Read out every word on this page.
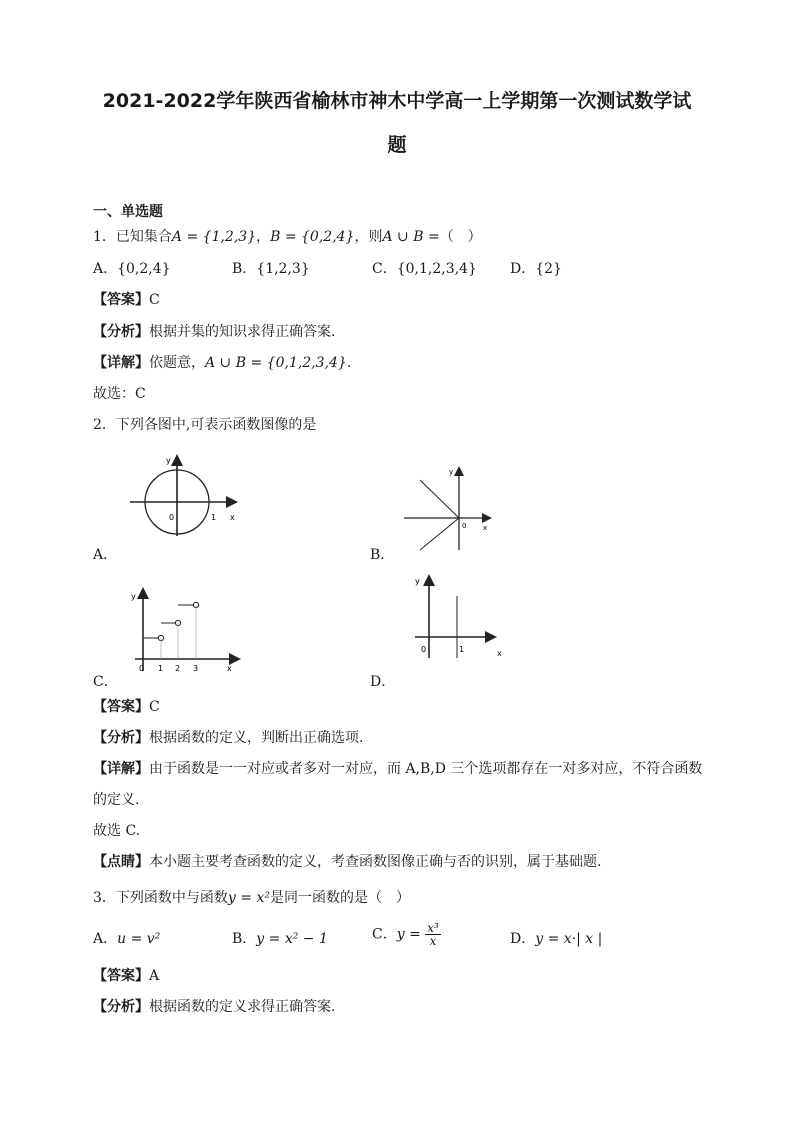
2021-2022学年陕西省榆林市神木中学高一上学期第一次测试数学试
题
一、单选题
1．已知集合A = {1,2,3}，B = {0,2,4}，则A ∪ B =（　）
A．{0,2,4}	B．{1,2,3}	C．{0,1,2,3,4} D．{2}
【答案】C
【分析】根据并集的知识求得正确答案.
【详解】依题意，A ∪ B = {0,1,2,3,4}.
故选：C
2．下列各图中,可表示函数图像的是
0	1 x
y
A．
0 x
y
B．
0 1 2 3	x
y
C．
0	1	x
y
D．
【答案】C
【分析】根据函数的定义，判断出正确选项.
【详解】由于函数是一一对应或者多对一对应，而 A,B,D 三个选项都存在一对多对应，不符合函数
的定义.
故选 C.
【点睛】本小题主要考查函数的定义，考查函数图像正确与否的识别，属于基础题.
3．下列函数中与函数y = x²是同一函数的是（　）
A．u = v²	B．y = x² − 1	C．$y = \frac{\text{x³}}{x}$	D．y = x·| x |
【答案】A
【分析】根据函数的定义求得正确答案.
